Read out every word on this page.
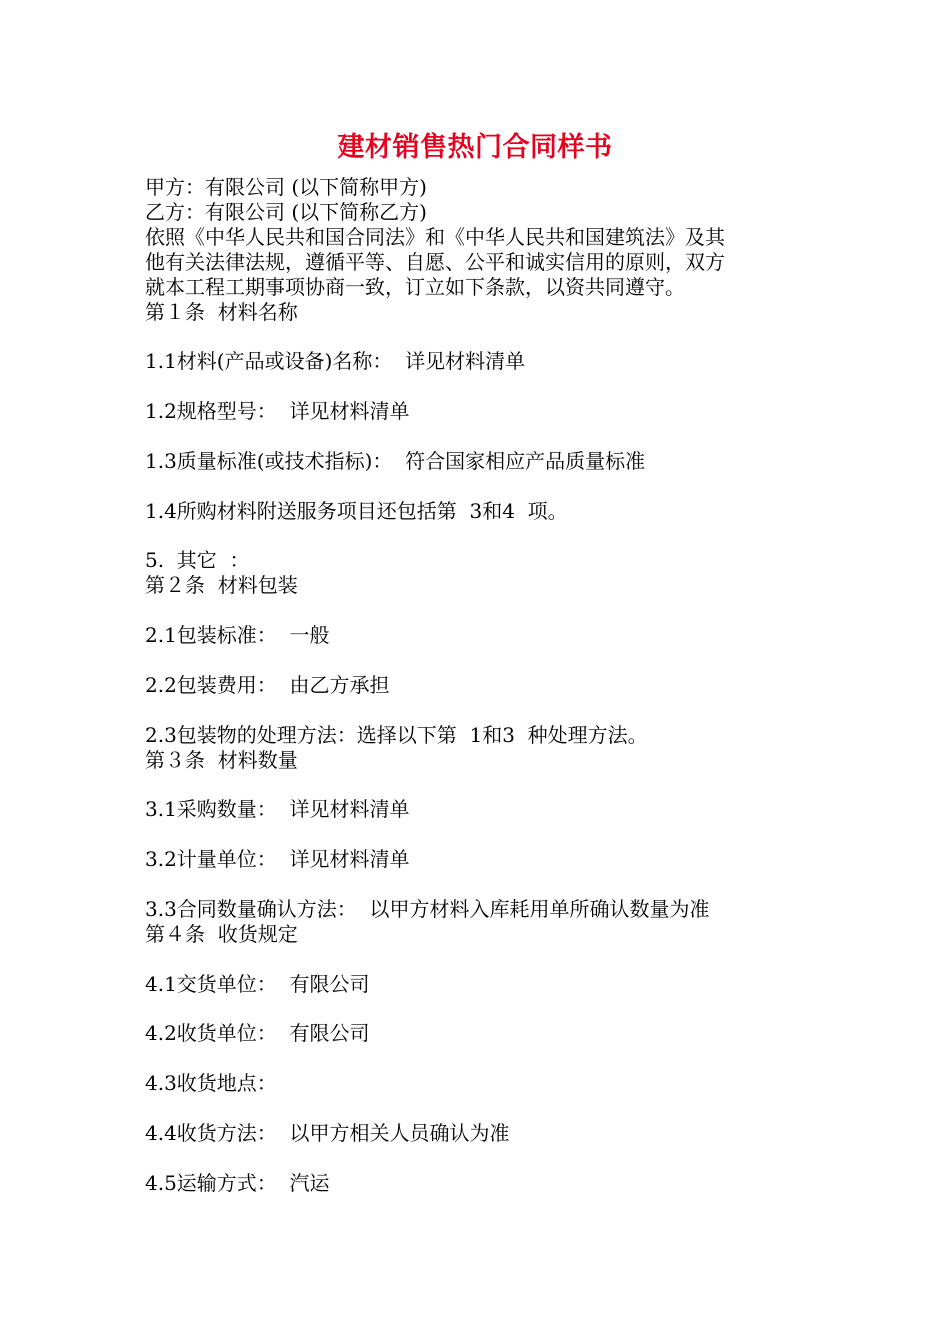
建材销售热门合同样书
甲方：有限公司 (以下简称甲方)
乙方：有限公司 (以下简称乙方)
依照《中华人民共和国合同法》和《中华人民共和国建筑法》及其
他有关法律法规，遵循平等、自愿、公平和诚实信用的原则，双方
就本工程工期事项协商一致，订立如下条款，以资共同遵守。
第１条  材料名称
1.1材料(产品或设备)名称：  详见材料清单
1.2规格型号：  详见材料清单
1.3质量标准(或技术指标)：  符合国家相应产品质量标准
1.4所购材料附送服务项目还包括第  3和4  项。
5.  其它  ：
第２条  材料包装
2.1包装标准：  一般
2.2包装费用：  由乙方承担
2.3包装物的处理方法：选择以下第  1和3  种处理方法。
第３条  材料数量
3.1采购数量：  详见材料清单
3.2计量单位：  详见材料清单
3.3合同数量确认方法：  以甲方材料入库耗用单所确认数量为准
第４条  收货规定
4.1交货单位：  有限公司
4.2收货单位：  有限公司
4.3收货地点：
4.4收货方法：  以甲方相关人员确认为准
4.5运输方式：  汽运
